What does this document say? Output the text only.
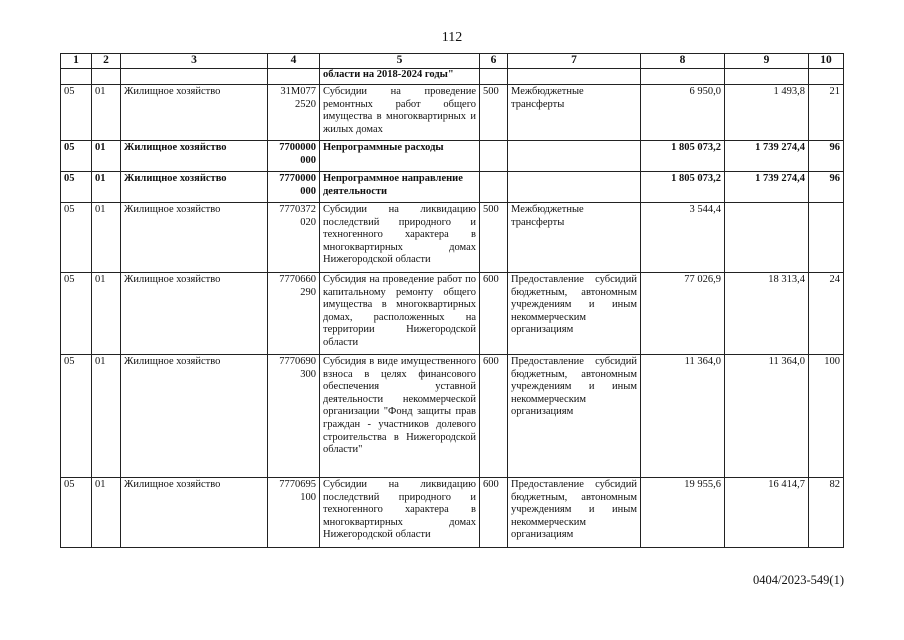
112
1	2	3	4	5	6	7	8	9	10
				области на 2018-2024 годы"					
05	01	Жилищное хозяйство	31М077 2520	Субсидии на проведение ремонтных работ общего имущества в многоквартирных и жилых домах	500	Межбюджетные трансферты	6 950,0	1 493,8	21
05	01	Жилищное хозяйство	7700000 000	Непрограммные расходы			1 805 073,2	1 739 274,4	96
05	01	Жилищное хозяйство	7770000 000	Непрограммное направление деятельности			1 805 073,2	1 739 274,4	96
05	01	Жилищное хозяйство	7770372 020	Субсидии на ликвидацию последствий природного и техногенного характера в многоквартирных домах Нижегородской области	500	Межбюджетные трансферты	3 544,4		
05	01	Жилищное хозяйство	7770660 290	Субсидия на проведение работ по капитальному ремонту общего имущества в многоквартирных домах, расположенных на территории Нижегородской области	600	Предоставление субсидий бюджетным, автономным учреждениям и иным некоммерческим организациям	77 026,9	18 313,4	24
05	01	Жилищное хозяйство	7770690 300	Субсидия в виде имущественного взноса в целях финансового обеспечения уставной деятельности некоммерческой организации "Фонд защиты прав граждан - участников долевого строительства в Нижегородской области"	600	Предоставление субсидий бюджетным, автономным учреждениям и иным некоммерческим организациям	11 364,0	11 364,0	100
05	01	Жилищное хозяйство	7770695 100	Субсидии на ликвидацию последствий природного и техногенного характера в многоквартирных домах Нижегородской области	600	Предоставление субсидий бюджетным, автономным учреждениям и иным некоммерческим организациям	19 955,6	16 414,7	82
0404/2023-549(1)
